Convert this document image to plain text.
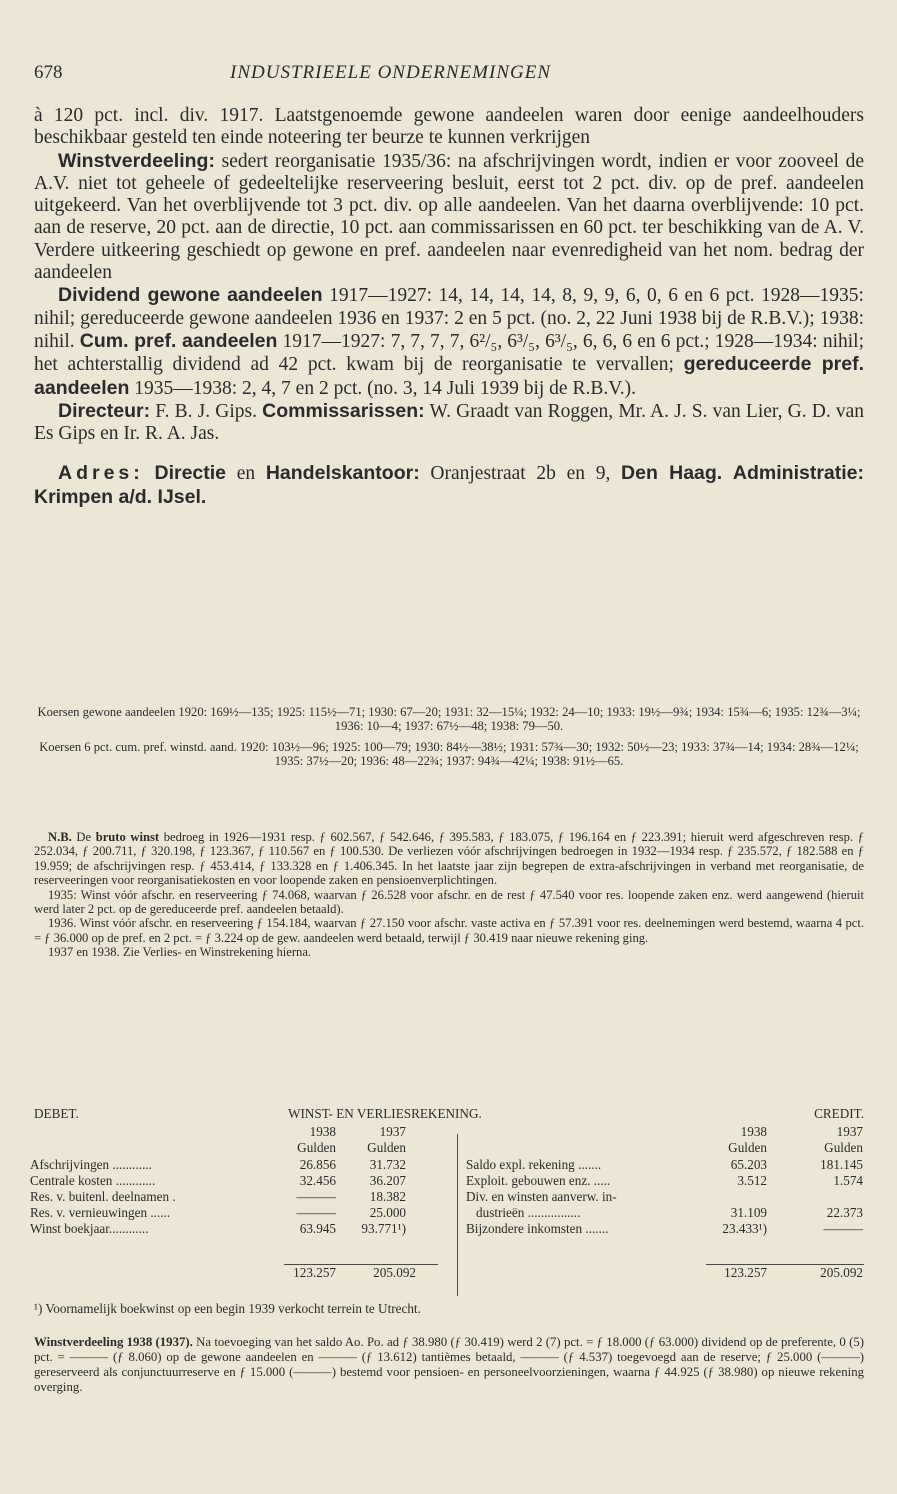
678	INDUSTRIEELE ONDERNEMINGEN

à 120 pct. incl. div. 1917. Laatstgenoemde gewone aandeelen waren door eenige aandeelhouders beschikbaar gesteld ten einde noteering ter beurze te kunnen verkrijgen

Winstverdeeling: sedert reorganisatie 1935/36: na afschrijvingen wordt, indien er voor zooveel de A.V. niet tot geheele of gedeeltelijke reserveering besluit, eerst tot 2 pct. div. op de pref. aandeelen uitgekeerd. Van het overblijvende tot 3 pct. div. op alle aandeelen. Van het daarna overblijvende: 10 pct. aan de reserve, 20 pct. aan de directie, 10 pct. aan commissarissen en 60 pct. ter beschikking van de A. V. Verdere uitkeering geschiedt op gewone en pref. aandeelen naar evenredigheid van het nom. bedrag der aandeelen

Dividend gewone aandeelen 1917—1927: 14, 14, 14, 14, 8, 9, 9, 6, 0, 6 en 6 pct. 1928—1935: nihil; gereduceerde gewone aandeelen 1936 en 1937: 2 en 5 pct. (no. 2, 22 Juni 1938 bij de R.B.V.); 1938: nihil. Cum. pref. aandeelen 1917—1927: 7, 7, 7, 7, 6²/₅, 6³/₅, 6³/₅, 6, 6, 6 en 6 pct.; 1928—1934: nihil; het achterstallig dividend ad 42 pct. kwam bij de reorganisatie te vervallen; gereduceerde pref. aandeelen 1935—1938: 2, 4, 7 en 2 pct. (no. 3, 14 Juli 1939 bij de R.B.V.).

Directeur: F. B. J. Gips. Commissarissen: W. Graadt van Roggen, Mr. A. J. S. van Lier, G. D. van Es Gips en Ir. R. A. Jas.

Adres: Directie en Handelskantoor: Oranjestraat 2b en 9, Den Haag. Administratie: Krimpen a/d. IJsel.

Koersen gewone aandeelen 1920: 169½—135; 1925: 115½—71; 1930: 67—20; 1931: 32—15¼; 1932: 24—10; 1933: 19½—9¾; 1934: 15¾—6; 1935: 12¾—3¼; 1936: 10—4; 1937: 67½—48; 1938: 79—50.

Koersen 6 pct. cum. pref. winstd. aand. 1920: 103½—96; 1925: 100—79; 1930: 84½—38½; 1931: 57¾—30; 1932: 50½—23; 1933: 37¾—14; 1934: 28¾—12¼; 1935: 37½—20; 1936: 48—22¾; 1937: 94¾—42¼; 1938: 91½—65.

N.B. De bruto winst bedroeg in 1926—1931 resp. ƒ 602.567, ƒ 542.646, ƒ 395.583, ƒ 183.075, ƒ 196.164 en ƒ 223.391; hieruit werd afgeschreven resp. ƒ 252.034, ƒ 200.711, ƒ 320.198, ƒ 123.367, ƒ 110.567 en ƒ 100.530. De verliezen vóór afschrijvingen bedroegen in 1932—1934 resp. ƒ 235.572, ƒ 182.588 en ƒ 19.959; de afschrijvingen resp. ƒ 453.414, ƒ 133.328 en ƒ 1.406.345. In het laatste jaar zijn begrepen de extra-afschrijvingen in verband met reorganisatie, de reserveeringen voor reorganisatiekosten en voor loopende zaken en pensioenverplichtingen.

1935: Winst vóór afschr. en reserveering ƒ 74.068, waarvan ƒ 26.528 voor afschr. en de rest ƒ 47.540 voor res. loopende zaken enz. werd aangewend (hieruit werd later 2 pct. op de gereduceerde pref. aandeelen betaald).

1936. Winst vóór afschr. en reserveering ƒ 154.184, waarvan ƒ 27.150 voor afschr. vaste activa en ƒ 57.391 voor res. deelnemingen werd bestemd, waarna 4 pct. = ƒ 36.000 op de pref. en 2 pct. = ƒ 3.224 op de gew. aandeelen werd betaald, terwijl ƒ 30.419 naar nieuwe rekening ging.

1937 en 1938. Zie Verlies- en Winstrekening hierna.

DEBET.	WINST- EN VERLIESREKENING.	CREDIT.
1938	1937	1938	1937
Gulden	Gulden	Gulden	Gulden
Afschrijvingen ............	26.856	31.732
Centrale kosten ............	32.456	36.207
Res. v. buitenl. deelnamen .	———	18.382
Res. v. vernieuwingen ......	———	25.000
Winst boekjaar............	63.945	93.771¹)
Saldo expl. rekening .......	65.203	181.145
Exploit. gebouwen enz. .....	3.512	1.574
Div. en winsten aanverw. in-
dustrieën ................	31.109	22.373
Bijzondere inkomsten .......	23.433¹)	———
123.257	205.092	123.257	205.092
¹) Voornamelijk boekwinst op een begin 1939 verkocht terrein te Utrecht.

Winstverdeeling 1938 (1937). Na toevoeging van het saldo Ao. Po. ad ƒ 38.980 (ƒ 30.419) werd 2 (7) pct. = ƒ 18.000 (ƒ 63.000) dividend op de preferente, 0 (5) pct. = ——— (ƒ 8.060) op de gewone aandeelen en ——— (ƒ 13.612) tantièmes betaald, ——— (ƒ 4.537) toegevoegd aan de reserve; ƒ 25.000 (———) gereserveerd als conjunctuurreserve en ƒ 15.000 (———) bestemd voor pensioen- en personeelvoorzieningen, waarna ƒ 44.925 (ƒ 38.980) op nieuwe rekening overging.
